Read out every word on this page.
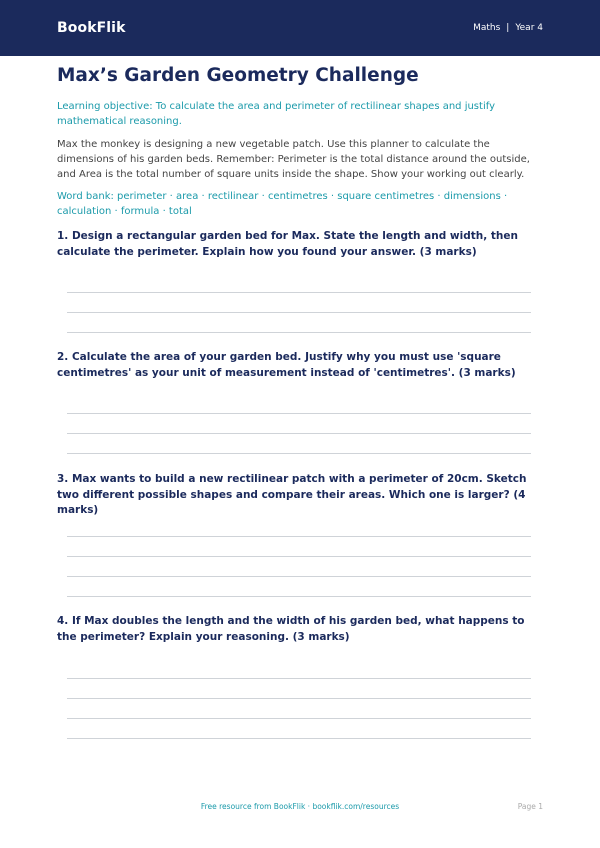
BookFlik	Maths | Year 4
Max’s Garden Geometry Challenge

Learning objective: To calculate the area and perimeter of rectilinear shapes and justify mathematical reasoning.

Max the monkey is designing a new vegetable patch. Use this planner to calculate the dimensions of his garden beds. Remember: Perimeter is the total distance around the outside, and Area is the total number of square units inside the shape. Show your working out clearly.

Word bank: perimeter · area · rectilinear · centimetres · square centimetres · dimensions · calculation · formula · total

1. Design a rectangular garden bed for Max. State the length and width, then calculate the perimeter. Explain how you found your answer. (3 marks)

2. Calculate the area of your garden bed. Justify why you must use 'square centimetres' as your unit of measurement instead of 'centimetres'. (3 marks)

3. Max wants to build a new rectilinear patch with a perimeter of 20cm. Sketch two different possible shapes and compare their areas. Which one is larger? (4 marks)

4. If Max doubles the length and the width of his garden bed, what happens to the perimeter? Explain your reasoning. (3 marks)

Free resource from BookFlik · bookflik.com/resources	Page 1
